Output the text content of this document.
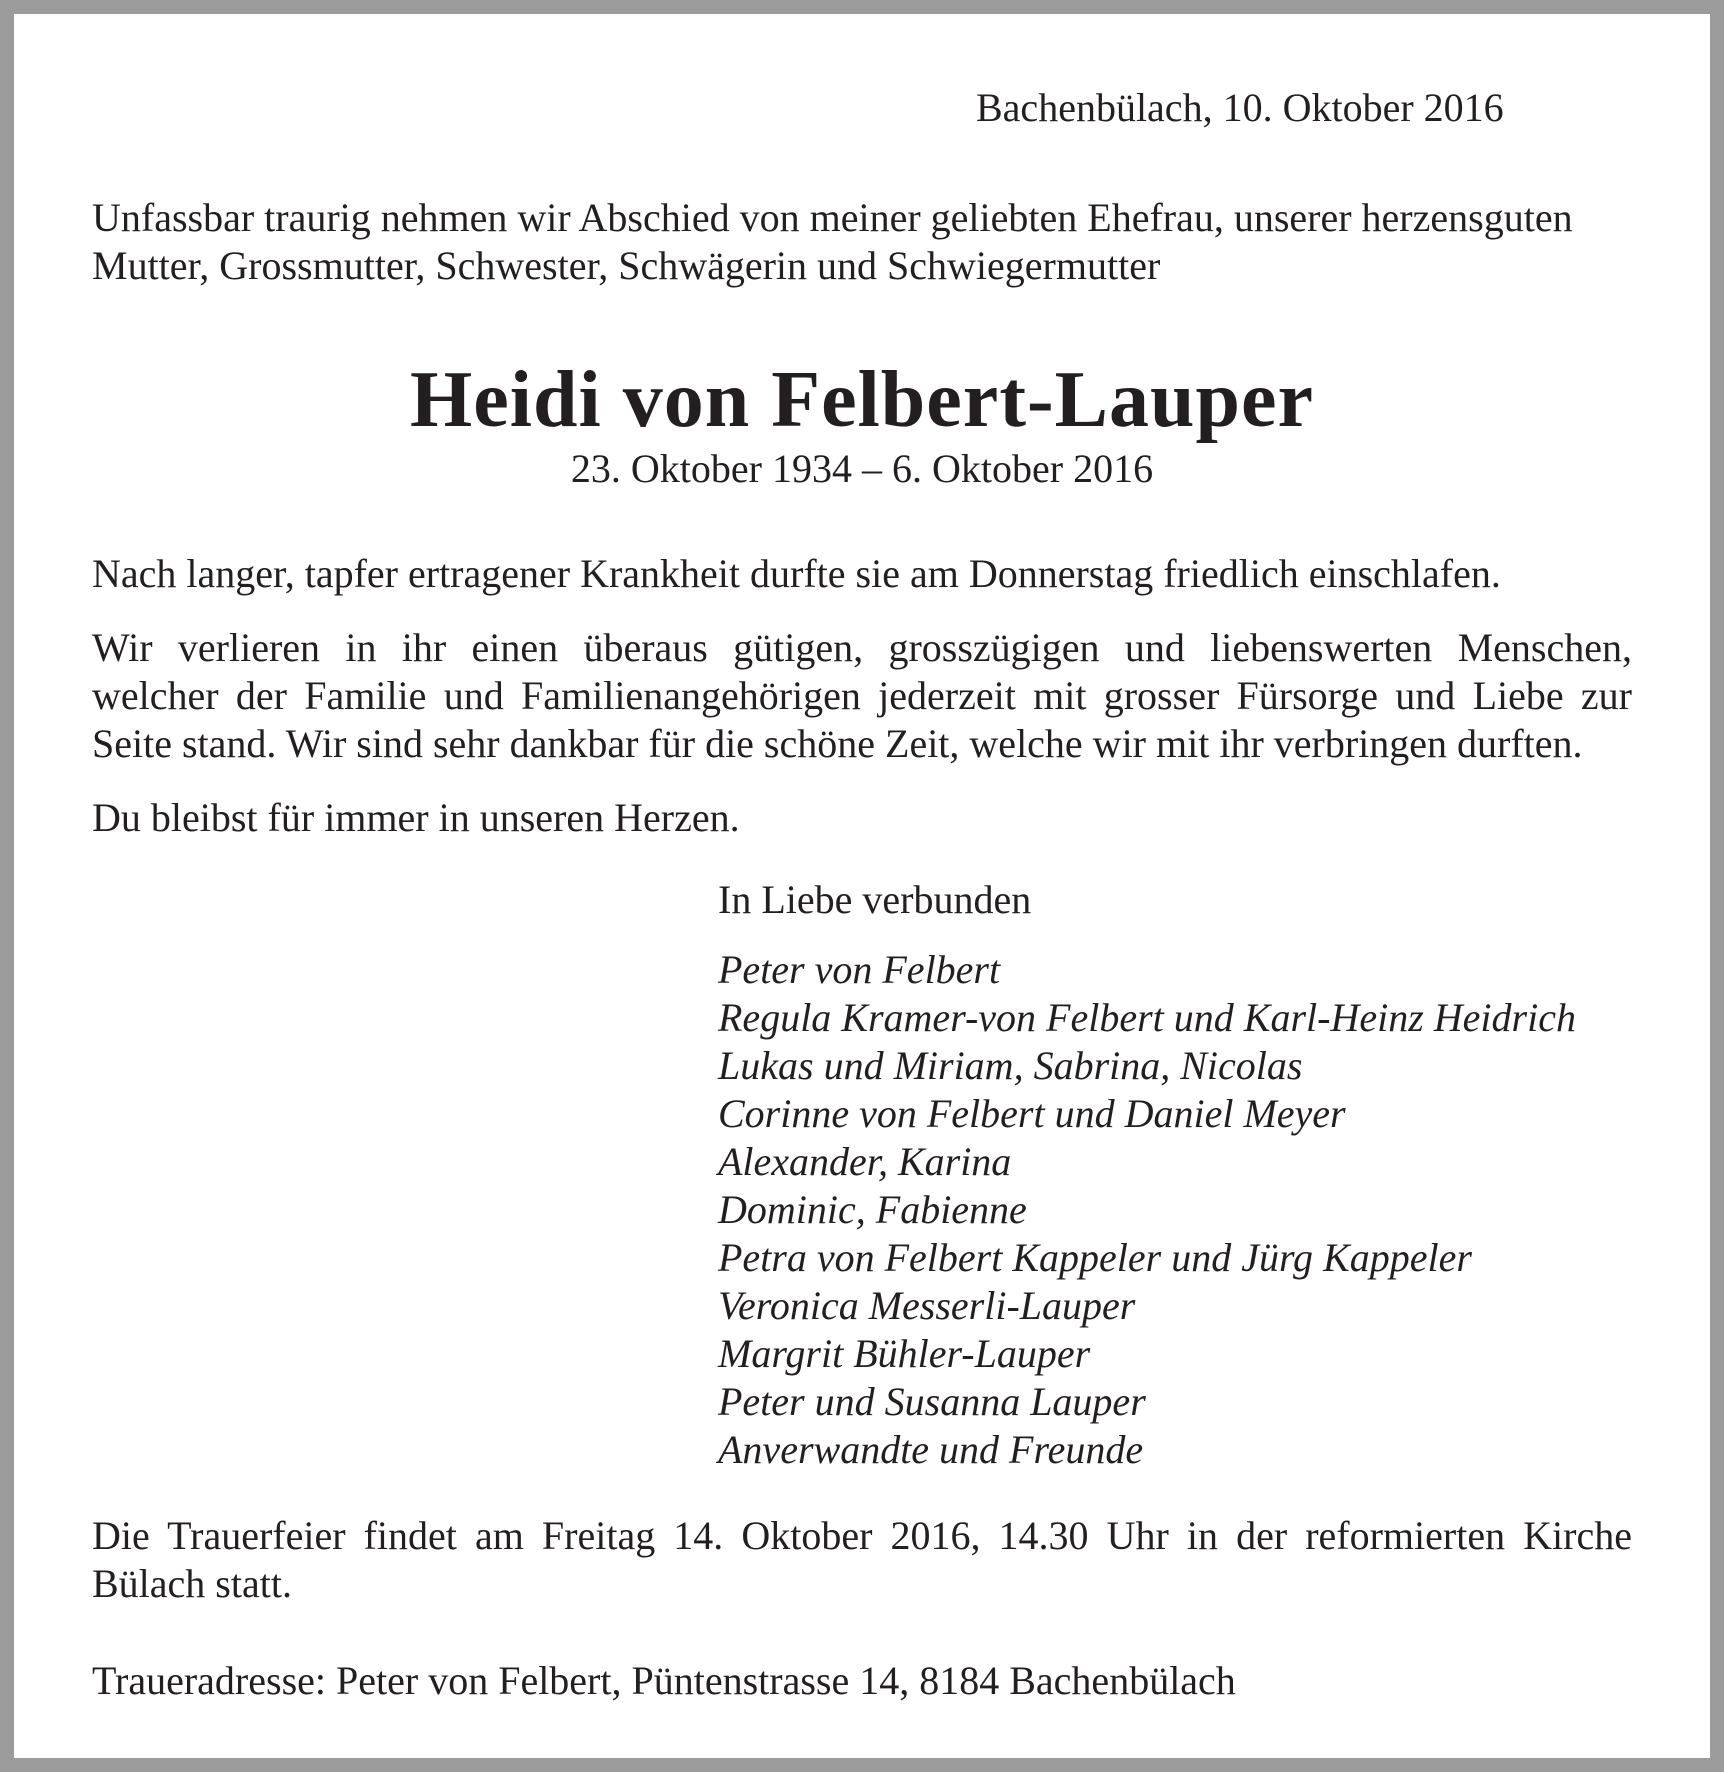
Bachenbülach, 10. Oktober 2016

Unfassbar traurig nehmen wir Abschied von meiner geliebten Ehefrau, unserer herzensguten
Mutter, Grossmutter, Schwester, Schwägerin und Schwiegermutter
Heidi von Felbert-Lauper

23. Oktober 1934 – 6. Oktober 2016

Nach langer, tapfer ertragener Krankheit durfte sie am Donnerstag friedlich einschlafen.

Wir verlieren in ihr einen überaus gütigen, grosszügigen und liebenswerten Menschen,
welcher der Familie und Familienangehörigen jederzeit mit grosser Fürsorge und Liebe zur
Seite stand. Wir sind sehr dankbar für die schöne Zeit, welche wir mit ihr verbringen durften.

Du bleibst für immer in unseren Herzen.

In Liebe verbunden

Peter von Felbert
Regula Kramer-von Felbert und Karl-Heinz Heidrich
Lukas und Miriam, Sabrina, Nicolas
Corinne von Felbert und Daniel Meyer
Alexander, Karina
Dominic, Fabienne
Petra von Felbert Kappeler und Jürg Kappeler
Veronica Messerli-Lauper
Margrit Bühler-Lauper
Peter und Susanna Lauper
Anverwandte und Freunde
Die Trauerfeier findet am Freitag 14. Oktober 2016, 14.30 Uhr in der reformierten Kirche
Bülach statt.

Traueradresse: Peter von Felbert, Püntenstrasse 14, 8184 Bachenbülach
